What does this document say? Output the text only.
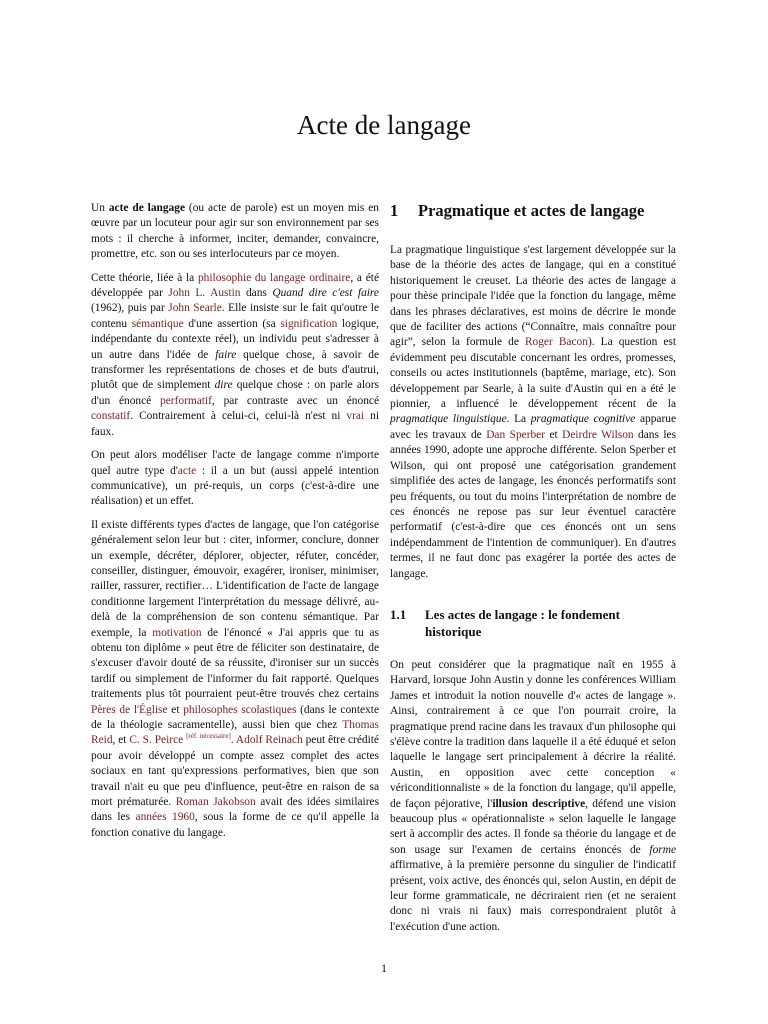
Acte de langage

Un acte de langage (ou acte de parole) est un moyen mis en œuvre par un locuteur pour agir sur son environnement par ses mots : il cherche à informer, inciter, demander, convaincre, promettre, etc. son ou ses interlocuteurs par ce moyen.

Cette théorie, liée à la philosophie du langage ordinaire, a été développée par John L. Austin dans Quand dire c'est faire (1962), puis par John Searle. Elle insiste sur le fait qu'outre le contenu sémantique d'une assertion (sa signification logique, indépendante du contexte réel), un individu peut s'adresser à un autre dans l'idée de faire quelque chose, à savoir de transformer les représentations de choses et de buts d'autrui, plutôt que de simplement dire quelque chose : on parle alors d'un énoncé performatif, par contraste avec un énoncé constatif. Contrairement à celui-ci, celui-là n'est ni vrai ni faux.

On peut alors modéliser l'acte de langage comme n'importe quel autre type d'acte : il a un but (aussi appelé intention communicative), un pré-requis, un corps (c'est-à-dire une réalisation) et un effet.

Il existe différents types d'actes de langage, que l'on catégorise généralement selon leur but : citer, informer, conclure, donner un exemple, décréter, déplorer, objecter, réfuter, concéder, conseiller, distinguer, émouvoir, exagérer, ironiser, minimiser, railler, rassurer, rectifier… L'identification de l'acte de langage conditionne largement l'interprétation du message délivré, au-delà de la compréhension de son contenu sémantique. Par exemple, la motivation de l'énoncé « J'ai appris que tu as obtenu ton diplôme » peut être de féliciter son destinataire, de s'excuser d'avoir douté de sa réussite, d'ironiser sur un succès tardif ou simplement de l'informer du fait rapporté. Quelques traitements plus tôt pourraient peut-être trouvés chez certains Pères de l'Église et philosophes scolastiques (dans le contexte de la théologie sacramentelle), aussi bien que chez Thomas Reid, et C. S. Peirce [réf. nécessaire]. Adolf Reinach peut être crédité pour avoir développé un compte assez complet des actes sociaux en tant qu'expressions performatives, bien que son travail n'ait eu que peu d'influence, peut-être en raison de sa mort prématurée. Roman Jakobson avait des idées similaires dans les années 1960, sous la forme de ce qu'il appelle la fonction conative du langage.

1	Pragmatique et actes de langage

La pragmatique linguistique s'est largement développée sur la base de la théorie des actes de langage, qui en a constitué historiquement le creuset. La théorie des actes de langage a pour thèse principale l'idée que la fonction du langage, même dans les phrases déclaratives, est moins de décrire le monde que de faciliter des actions (“Connaître, mais connaître pour agir”, selon la formule de Roger Bacon). La question est évidemment peu discutable concernant les ordres, promesses, conseils ou actes institutionnels (baptême, mariage, etc). Son développement par Searle, à la suite d'Austin qui en a été le pionnier, a influencé le développement récent de la pragmatique linguistique. La pragmatique cognitive apparue avec les travaux de Dan Sperber et Deirdre Wilson dans les années 1990, adopte une approche différente. Selon Sperber et Wilson, qui ont proposé une catégorisation grandement simplifiée des actes de langage, les énoncés performatifs sont peu fréquents, ou tout du moins l'interprétation de nombre de ces énoncés ne repose pas sur leur éventuel caractère performatif (c'est-à-dire que ces énoncés ont un sens indépendamment de l'intention de communiquer). En d'autres termes, il ne faut donc pas exagérer la portée des actes de langage.

1.1	Les actes de langage : le fondement historique

On peut considérer que la pragmatique naît en 1955 à Harvard, lorsque John Austin y donne les conférences William James et introduit la notion nouvelle d'« actes de langage ». Ainsi, contrairement à ce que l'on pourrait croire, la pragmatique prend racine dans les travaux d'un philosophe qui s'élève contre la tradition dans laquelle il a été éduqué et selon laquelle le langage sert principalement à décrire la réalité. Austin, en opposition avec cette conception « vériconditionnaliste » de la fonction du langage, qu'il appelle, de façon péjorative, l'illusion descriptive, défend une vision beaucoup plus « opérationnaliste » selon laquelle le langage sert à accomplir des actes. Il fonde sa théorie du langage et de son usage sur l'examen de certains énoncés de forme affirmative, à la première personne du singulier de l'indicatif présent, voix active, des énoncés qui, selon Austin, en dépit de leur forme grammaticale, ne décriraient rien (et ne seraient donc ni vrais ni faux) mais correspondraient plutôt à l'exécution d'une action.

1
